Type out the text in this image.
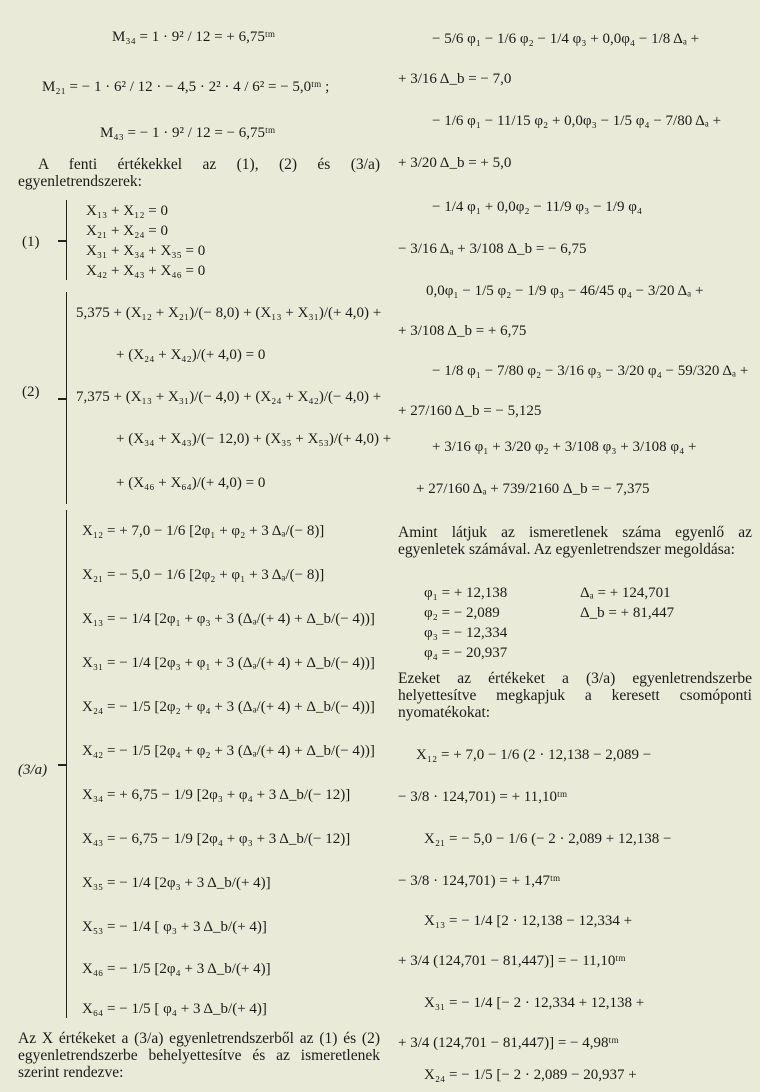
M₃₄ = 1 · 9² / 12 = + 6,75ᵗᵐ
M₂₁ = − 1 · 6² / 12 · − 4,5 · 2² · 4 / 6² = − 5,0ᵗᵐ ;
M₄₃ = − 1 · 9² / 12 = − 6,75ᵗᵐ
A fenti értékekkel az (1), (2) és (3/a) egyenletrendszerek:
(1)
X₁₃ + X₁₂ = 0
X₂₁ + X₂₄ = 0
X₃₁ + X₃₄ + X₃₅ = 0
X₄₂ + X₄₃ + X₄₆ = 0
(2)
5,375 + (X₁₂ + X₂₁)/(− 8,0) + (X₁₃ + X₃₁)/(+ 4,0) +
+ (X₂₄ + X₄₂)/(+ 4,0) = 0
7,375 + (X₁₃ + X₃₁)/(− 4,0) + (X₂₄ + X₄₂)/(− 4,0) +
+ (X₃₄ + X₄₃)/(− 12,0) + (X₃₅ + X₅₃)/(+ 4,0) +
+ (X₄₆ + X₆₄)/(+ 4,0) = 0
(3/a)
X₁₂ = + 7,0 − 1/6 [2φ₁ + φ₂ + 3 Δₐ/(− 8)]
X₂₁ = − 5,0 − 1/6 [2φ₂ + φ₁ + 3 Δₐ/(− 8)]
X₁₃ = − 1/4 [2φ₁ + φ₃ + 3 (Δₐ/(+ 4) + Δ_b/(− 4))]
X₃₁ = − 1/4 [2φ₃ + φ₁ + 3 (Δₐ/(+ 4) + Δ_b/(− 4))]
X₂₄ = − 1/5 [2φ₂ + φ₄ + 3 (Δₐ/(+ 4) + Δ_b/(− 4))]
X₄₂ = − 1/5 [2φ₄ + φ₂ + 3 (Δₐ/(+ 4) + Δ_b/(− 4))]
X₃₄ = + 6,75 − 1/9 [2φ₃ + φ₄ + 3 Δ_b/(− 12)]
X₄₃ = − 6,75 − 1/9 [2φ₄ + φ₃ + 3 Δ_b/(− 12)]
X₃₅ = − 1/4 [2φ₃ + 3 Δ_b/(+ 4)]
X₅₃ = − 1/4 [ φ₃ + 3 Δ_b/(+ 4)]
X₄₆ = − 1/5 [2φ₄ + 3 Δ_b/(+ 4)]
X₆₄ = − 1/5 [ φ₄ + 3 Δ_b/(+ 4)]
Az X értékeket a (3/a) egyenletrendszerből az (1) és (2) egyenletrendszerbe behelyettesítve és az ismeretlenek szerint rendezve:
− 5/6 φ₁ − 1/6 φ₂ − 1/4 φ₃ + 0,0φ₄ − 1/8 Δₐ +
+ 3/16 Δ_b = − 7,0
− 1/6 φ₁ − 11/15 φ₂ + 0,0φ₃ − 1/5 φ₄ − 7/80 Δₐ +
+ 3/20 Δ_b = + 5,0
− 1/4 φ₁ + 0,0φ₂ − 11/9 φ₃ − 1/9 φ₄
− 3/16 Δₐ + 3/108 Δ_b = − 6,75
0,0φ₁ − 1/5 φ₂ − 1/9 φ₃ − 46/45 φ₄ − 3/20 Δₐ +
+ 3/108 Δ_b = + 6,75
− 1/8 φ₁ − 7/80 φ₂ − 3/16 φ₃ − 3/20 φ₄ − 59/320 Δₐ +
+ 27/160 Δ_b = − 5,125
+ 3/16 φ₁ + 3/20 φ₂ + 3/108 φ₃ + 3/108 φ₄ +
+ 27/160 Δₐ + 739/2160 Δ_b = − 7,375
Amint látjuk az ismeretlenek száma egyenlő az egyenletek számával. Az egyenletrendszer megoldása:
φ₁ = + 12,138
φ₂ = − 2,089
φ₃ = − 12,334
φ₄ = − 20,937
Δₐ = + 124,701
Δ_b = + 81,447
Ezeket az értékeket a (3/a) egyenletrendszerbe helyettesítve megkapjuk a keresett csomóponti nyomatékokat:
X₁₂ = + 7,0 − 1/6 (2 · 12,138 − 2,089 −
− 3/8 · 124,701) = + 11,10ᵗᵐ
X₂₁ = − 5,0 − 1/6 (− 2 · 2,089 + 12,138 −
− 3/8 · 124,701) = + 1,47ᵗᵐ
X₁₃ = − 1/4 [2 · 12,138 − 12,334 +
+ 3/4 (124,701 − 81,447)] = − 11,10ᵗᵐ
X₃₁ = − 1/4 [− 2 · 12,334 + 12,138 +
+ 3/4 (124,701 − 81,447)] = − 4,98ᵗᵐ
X₂₄ = − 1/5 [− 2 · 2,089 − 20,937 +
